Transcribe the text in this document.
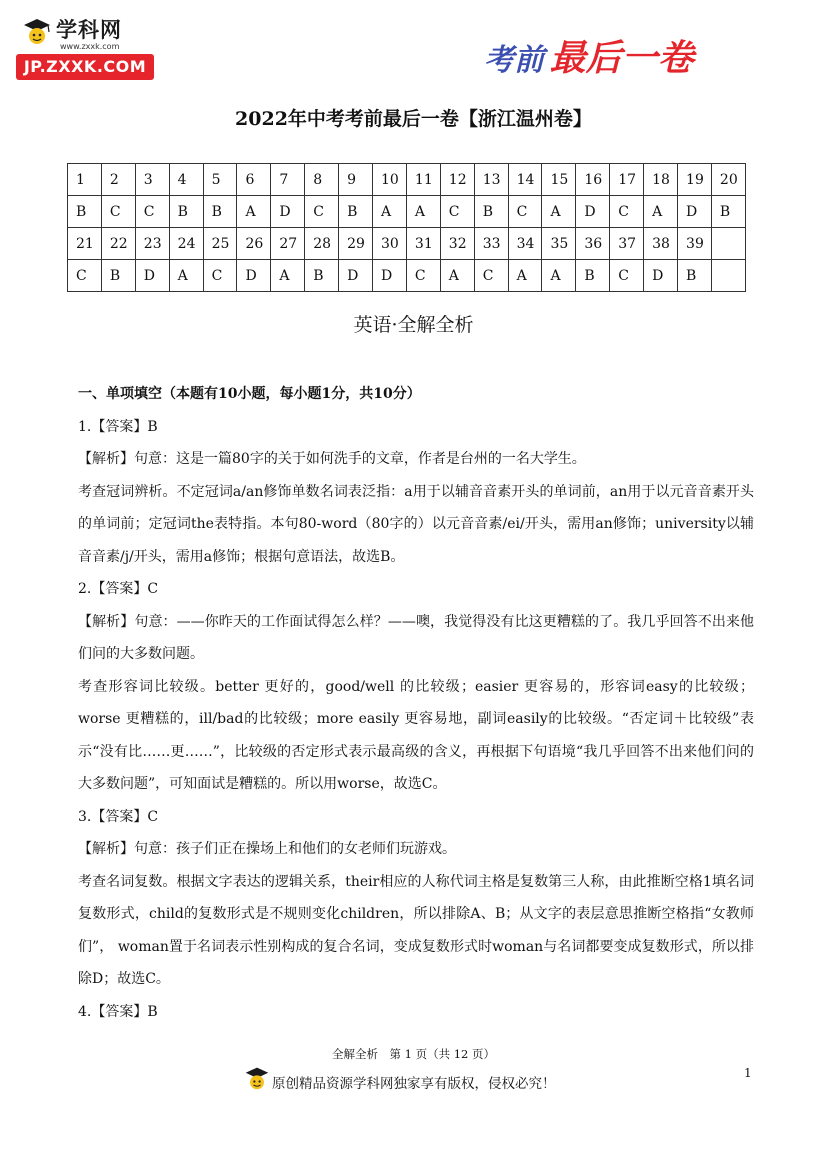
学科网
www.zxxk.com
JP.ZXXK.COM	考前 最后一卷
2022年中考考前最后一卷【浙江温州卷】
1	2	3	4	5	6	7	8	9	10	11	12	13	14	15	16	17	18	19	20
B	C	C	B	B	A	D	C	B	A	A	C	B	C	A	D	C	A	D	B
21	22	23	24	25	26	27	28	29	30	31	32	33	34	35	36	37	38	39	
C	B	D	A	C	D	A	B	D	D	C	A	C	A	A	B	C	D	B	
英语·全解全析

一、单项填空（本题有10小题，每小题1分，共10分）

1.【答案】B

【解析】句意：这是一篇80字的关于如何洗手的文章，作者是台州的一名大学生。

考查冠词辨析。不定冠词a/an修饰单数名词表泛指：a用于以辅音音素开头的单词前，an用于以元音音素开头的单词前；定冠词the表特指。本句80-word（80字的）以元音音素/ei/开头，需用an修饰；university以辅音音素/j/开头，需用a修饰；根据句意语法，故选B。

2.【答案】C

【解析】句意：——你昨天的工作面试得怎么样？——噢，我觉得没有比这更糟糕的了。我几乎回答不出来他们问的大多数问题。

考查形容词比较级。better 更好的，good/well 的比较级；easier 更容易的，形容词easy的比较级；worse 更糟糕的，ill/bad的比较级；more easily 更容易地，副词easily的比较级。“否定词＋比较级”表示“没有比……更……”，比较级的否定形式表示最高级的含义，再根据下句语境“我几乎回答不出来他们问的大多数问题”，可知面试是糟糕的。所以用worse，故选C。

3.【答案】C

【解析】句意：孩子们正在操场上和他们的女老师们玩游戏。

考查名词复数。根据文字表达的逻辑关系，their相应的人称代词主格是复数第三人称，由此推断空格1填名词复数形式，child的复数形式是不规则变化children，所以排除A、B；从文字的表层意思推断空格指“女教师们”， woman置于名词表示性别构成的复合名词，变成复数形式时woman与名词都要变成复数形式，所以排除D；故选C。

4.【答案】B

全解全析　第 1 页（共 12 页）
原创精品资源学科网独家享有版权，侵权必究！
1
